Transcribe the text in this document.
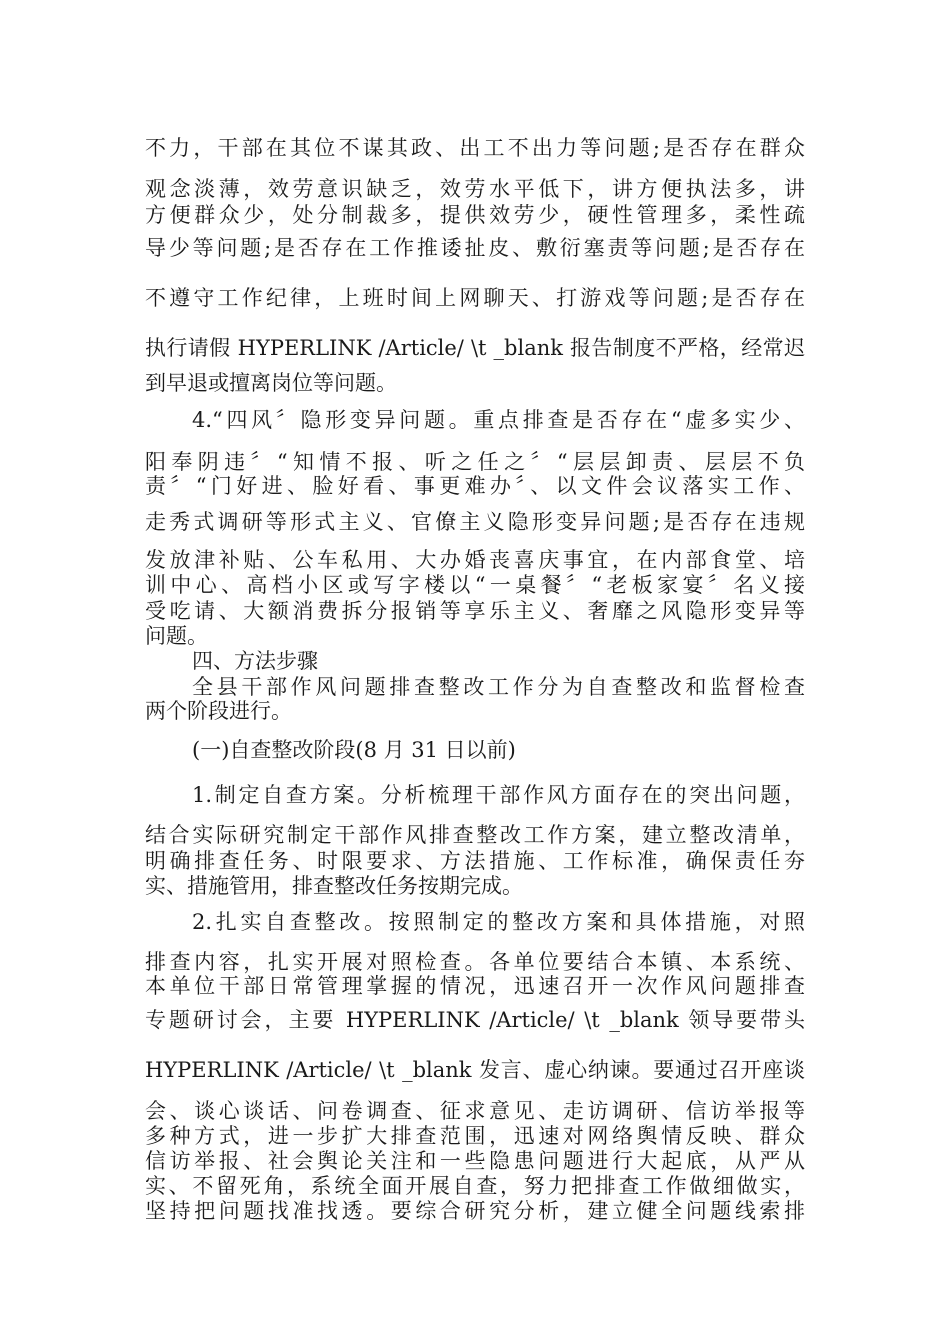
不力，干部在其位不谋其政、出工不出力等问题;是否存在群众
观念淡薄，效劳意识缺乏，效劳水平低下，讲方便执法多，讲
方便群众少，处分制裁多，提供效劳少，硬性管理多，柔性疏
导少等问题;是否存在工作推诿扯皮、敷衍塞责等问题;是否存在
不遵守工作纪律，上班时间上网聊天、打游戏等问题;是否存在
执行请假 HYPERLINK /Article/ \t _blank 报告制度不严格，经常迟
到早退或擅离岗位等问题。
4.“四风〞隐形变异问题。重点排查是否存在“虚多实少、
阳奉阴违〞“知情不报、听之任之〞“层层卸责、层层不负
责〞“门好进、脸好看、事更难办〞、以文件会议落实工作、
走秀式调研等形式主义、官僚主义隐形变异问题;是否存在违规
发放津补贴、公车私用、大办婚丧喜庆事宜，在内部食堂、培
训中心、高档小区或写字楼以“一桌餐〞“老板家宴〞名义接
受吃请、大额消费拆分报销等享乐主义、奢靡之风隐形变异等
问题。
四、方法步骤
全县干部作风问题排查整改工作分为自查整改和监督检查
两个阶段进行。
(一)自查整改阶段(8 月 31 日以前)
1.制定自查方案。分析梳理干部作风方面存在的突出问题，
结合实际研究制定干部作风排查整改工作方案，建立整改清单，
明确排查任务、时限要求、方法措施、工作标准，确保责任夯
实、措施管用，排查整改任务按期完成。
2.扎实自查整改。按照制定的整改方案和具体措施，对照
排查内容，扎实开展对照检查。各单位要结合本镇、本系统、
本单位干部日常管理掌握的情况，迅速召开一次作风问题排查
专题研讨会，主要 HYPERLINK /Article/ \t _blank 领导要带头
HYPERLINK /Article/ \t _blank 发言、虚心纳谏。要通过召开座谈
会、谈心谈话、问卷调查、征求意见、走访调研、信访举报等
多种方式，进一步扩大排查范围，迅速对网络舆情反映、群众
信访举报、社会舆论关注和一些隐患问题进行大起底，从严从
实、不留死角，系统全面开展自查，努力把排查工作做细做实，
坚持把问题找准找透。要综合研究分析，建立健全问题线索排
